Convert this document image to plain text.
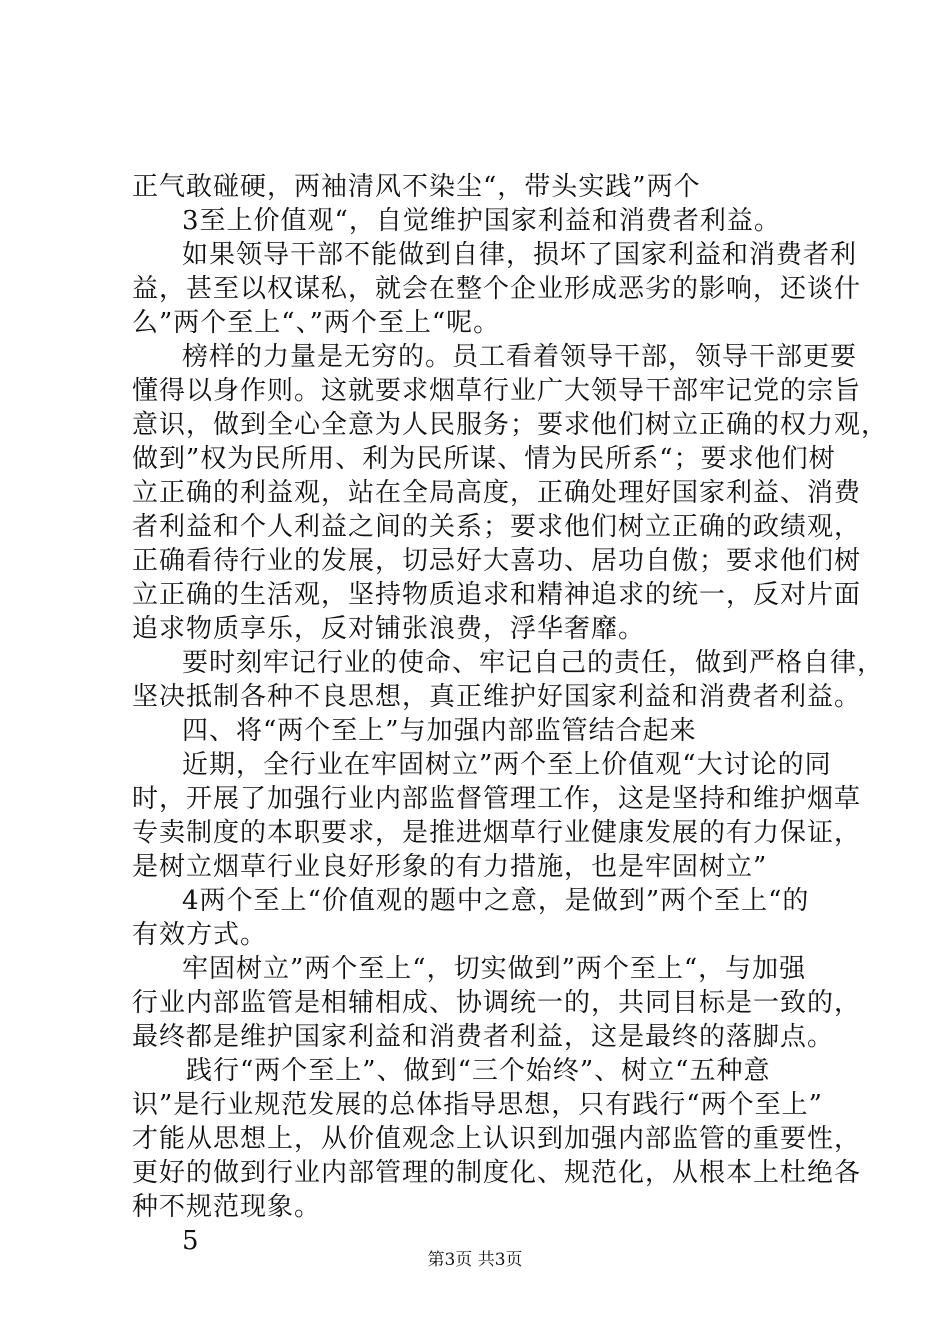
正气敢碰硬，两袖清风不染尘“，带头实践”两个
3至上价值观“，自觉维护国家利益和消费者利益。
如果领导干部不能做到自律，损坏了国家利益和消费者利
益，甚至以权谋私，就会在整个企业形成恶劣的影响，还谈什
么”两个至上“、”两个至上“呢。
榜样的力量是无穷的。员工看着领导干部，领导干部更要
懂得以身作则。这就要求烟草行业广大领导干部牢记党的宗旨
意识，做到全心全意为人民服务；要求他们树立正确的权力观，
做到”权为民所用、利为民所谋、情为民所系“；要求他们树
立正确的利益观，站在全局高度，正确处理好国家利益、消费
者利益和个人利益之间的关系；要求他们树立正确的政绩观，
正确看待行业的发展，切忌好大喜功、居功自傲；要求他们树
立正确的生活观，坚持物质追求和精神追求的统一，反对片面
追求物质享乐，反对铺张浪费，浮华奢靡。
要时刻牢记行业的使命、牢记自己的责任，做到严格自律，
坚决抵制各种不良思想，真正维护好国家利益和消费者利益。
四、将“两个至上”与加强内部监管结合起来
近期，全行业在牢固树立”两个至上价值观“大讨论的同
时，开展了加强行业内部监督管理工作，这是坚持和维护烟草
专卖制度的本职要求，是推进烟草行业健康发展的有力保证，
是树立烟草行业良好形象的有力措施，也是牢固树立”
4两个至上“价值观的题中之意，是做到”两个至上“的
有效方式。
牢固树立”两个至上“，切实做到”两个至上“，与加强
行业内部监管是相辅相成、协调统一的，共同目标是一致的，
最终都是维护国家利益和消费者利益，这是最终的落脚点。
践行“两个至上”、做到“三个始终”、树立“五种意
识”是行业规范发展的总体指导思想，只有践行“两个至上”
才能从思想上，从价值观念上认识到加强内部监管的重要性，
更好的做到行业内部管理的制度化、规范化，从根本上杜绝各
种不规范现象。
5
第3页 共3页
